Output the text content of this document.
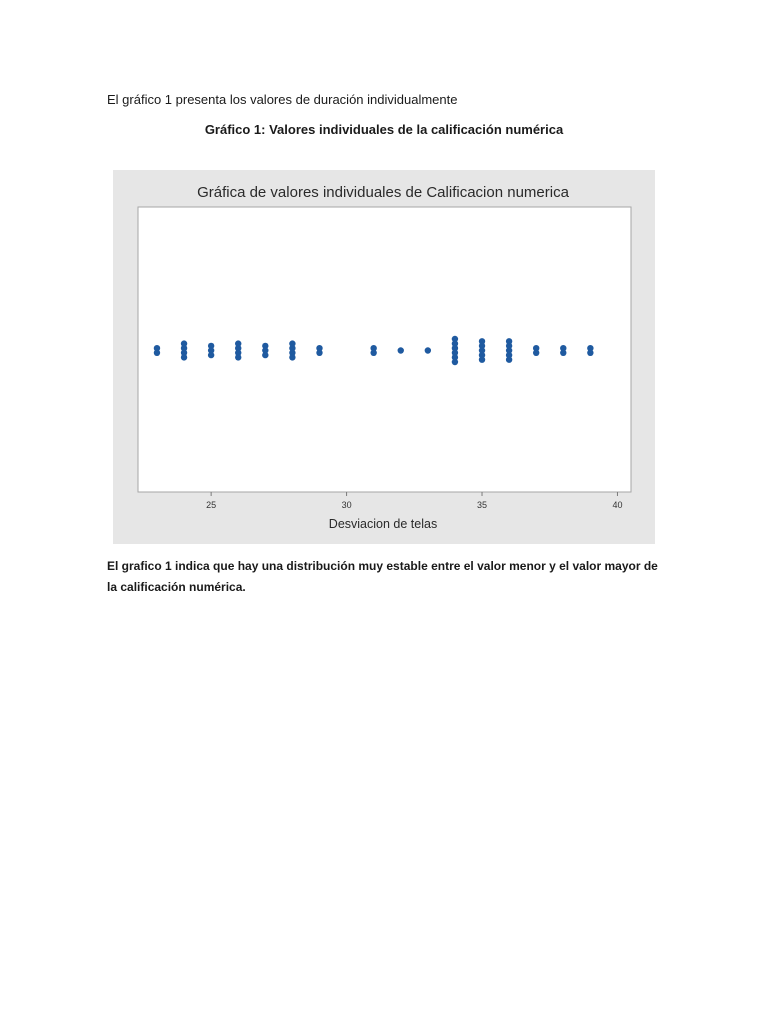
El gráfico 1 presenta los valores de duración individualmente

Gráfico 1: Valores individuales de la calificación numérica

Gráfica de valores individuales de Calificacion numerica
25	30	35	40
Desviacion de telas

El grafico 1 indica que hay una distribución muy estable entre el valor menor y el valor mayor de la calificación numérica.
